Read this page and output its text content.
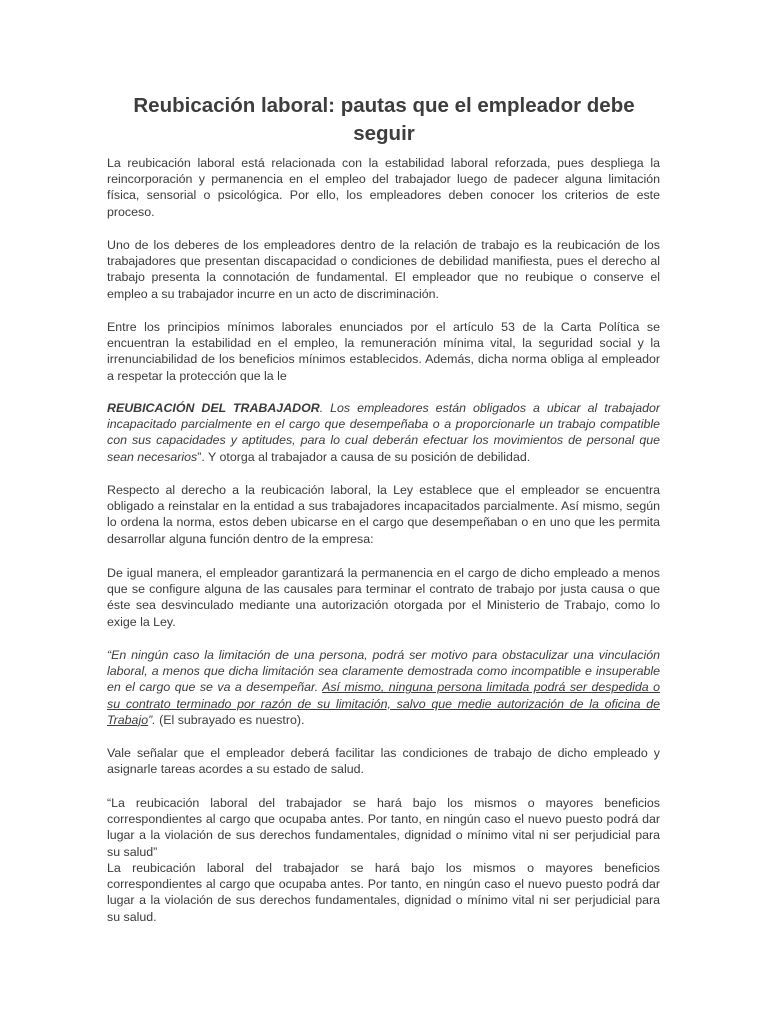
Reubicación laboral: pautas que el empleador debe seguir

La reubicación laboral está relacionada con la estabilidad laboral reforzada, pues despliega la reincorporación y permanencia en el empleo del trabajador luego de padecer alguna limitación física, sensorial o psicológica. Por ello, los empleadores deben conocer los criterios de este proceso.

Uno de los deberes de los empleadores dentro de la relación de trabajo es la reubicación de los trabajadores que presentan discapacidad o condiciones de debilidad manifiesta, pues el derecho al trabajo presenta la connotación de fundamental. El empleador que no reubique o conserve el empleo a su trabajador incurre en un acto de discriminación.

Entre los principios mínimos laborales enunciados por el artículo 53 de la Carta Política se encuentran la estabilidad en el empleo, la remuneración mínima vital, la seguridad social y la irrenunciabilidad de los beneficios mínimos establecidos. Además, dicha norma obliga al empleador a respetar la protección que la le

REUBICACIÓN DEL TRABAJADOR. Los empleadores están obligados a ubicar al trabajador incapacitado parcialmente en el cargo que desempeñaba o a proporcionarle un trabajo compatible con sus capacidades y aptitudes, para lo cual deberán efectuar los movimientos de personal que sean necesarios”. Y otorga al trabajador a causa de su posición de debilidad.

Respecto al derecho a la reubicación laboral, la Ley establece que el empleador se encuentra obligado a reinstalar en la entidad a sus trabajadores incapacitados parcialmente. Así mismo, según lo ordena la norma, estos deben ubicarse en el cargo que desempeñaban o en uno que les permita desarrollar alguna función dentro de la empresa:

De igual manera, el empleador garantizará la permanencia en el cargo de dicho empleado a menos que se configure alguna de las causales para terminar el contrato de trabajo por justa causa o que éste sea desvinculado mediante una autorización otorgada por el Ministerio de Trabajo, como lo exige la Ley.

“En ningún caso la limitación de una persona, podrá ser motivo para obstaculizar una vinculación laboral, a menos que dicha limitación sea claramente demostrada como incompatible e insuperable en el cargo que se va a desempeñar. Así mismo, ninguna persona limitada podrá ser despedida o su contrato terminado por razón de su limitación, salvo que medie autorización de la oficina de Trabajo”. (El subrayado es nuestro).

Vale señalar que el empleador deberá facilitar las condiciones de trabajo de dicho empleado y asignarle tareas acordes a su estado de salud.

“La reubicación laboral del trabajador se hará bajo los mismos o mayores beneficios correspondientes al cargo que ocupaba antes. Por tanto, en ningún caso el nuevo puesto podrá dar lugar a la violación de sus derechos fundamentales, dignidad o mínimo vital ni ser perjudicial para su salud”

La reubicación laboral del trabajador se hará bajo los mismos o mayores beneficios correspondientes al cargo que ocupaba antes. Por tanto, en ningún caso el nuevo puesto podrá dar lugar a la violación de sus derechos fundamentales, dignidad o mínimo vital ni ser perjudicial para su salud.
